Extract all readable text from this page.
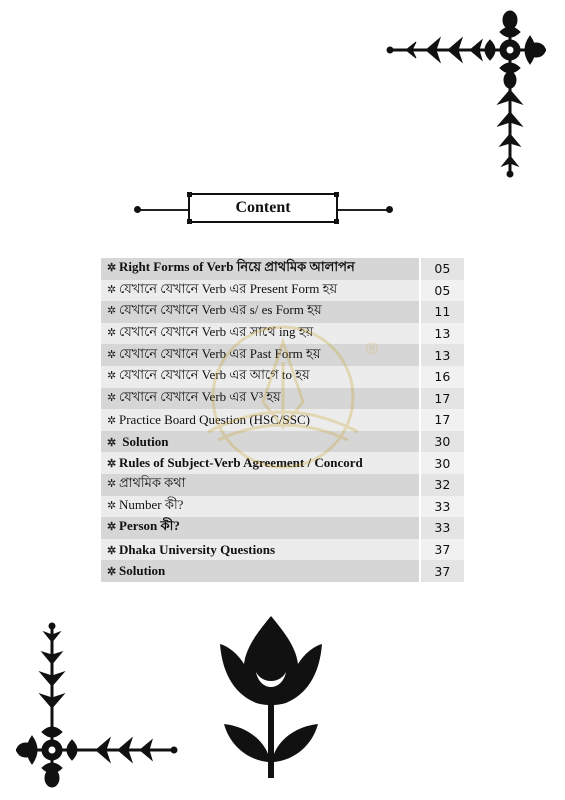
Content
✲ Right Forms of Verb নিয়ে প্রাথমিক আলাপন	05
✲ যেখানে যেখানে Verb এর Present Form হয়	05
✲ যেখানে যেখানে Verb এর s/ es Form হয়	11
✲ যেখানে যেখানে Verb এর সাথে ing হয়	13
✲ যেখানে যেখানে Verb এর Past Form হয়	13
✲ যেখানে যেখানে Verb এর আগে to হয়	16
✲ যেখানে যেখানে Verb এর V³ হয়	17
✲ Practice Board Question (HSC/SSC)	17
✲ Solution	30
✲ Rules of Subject-Verb Agreement / Concord	30
✲ প্রাথমিক কথা	32
✲ Number কী?	33
✲ Person কী?	33
✲ Dhaka University Questions	37
✲ Solution	37
®
